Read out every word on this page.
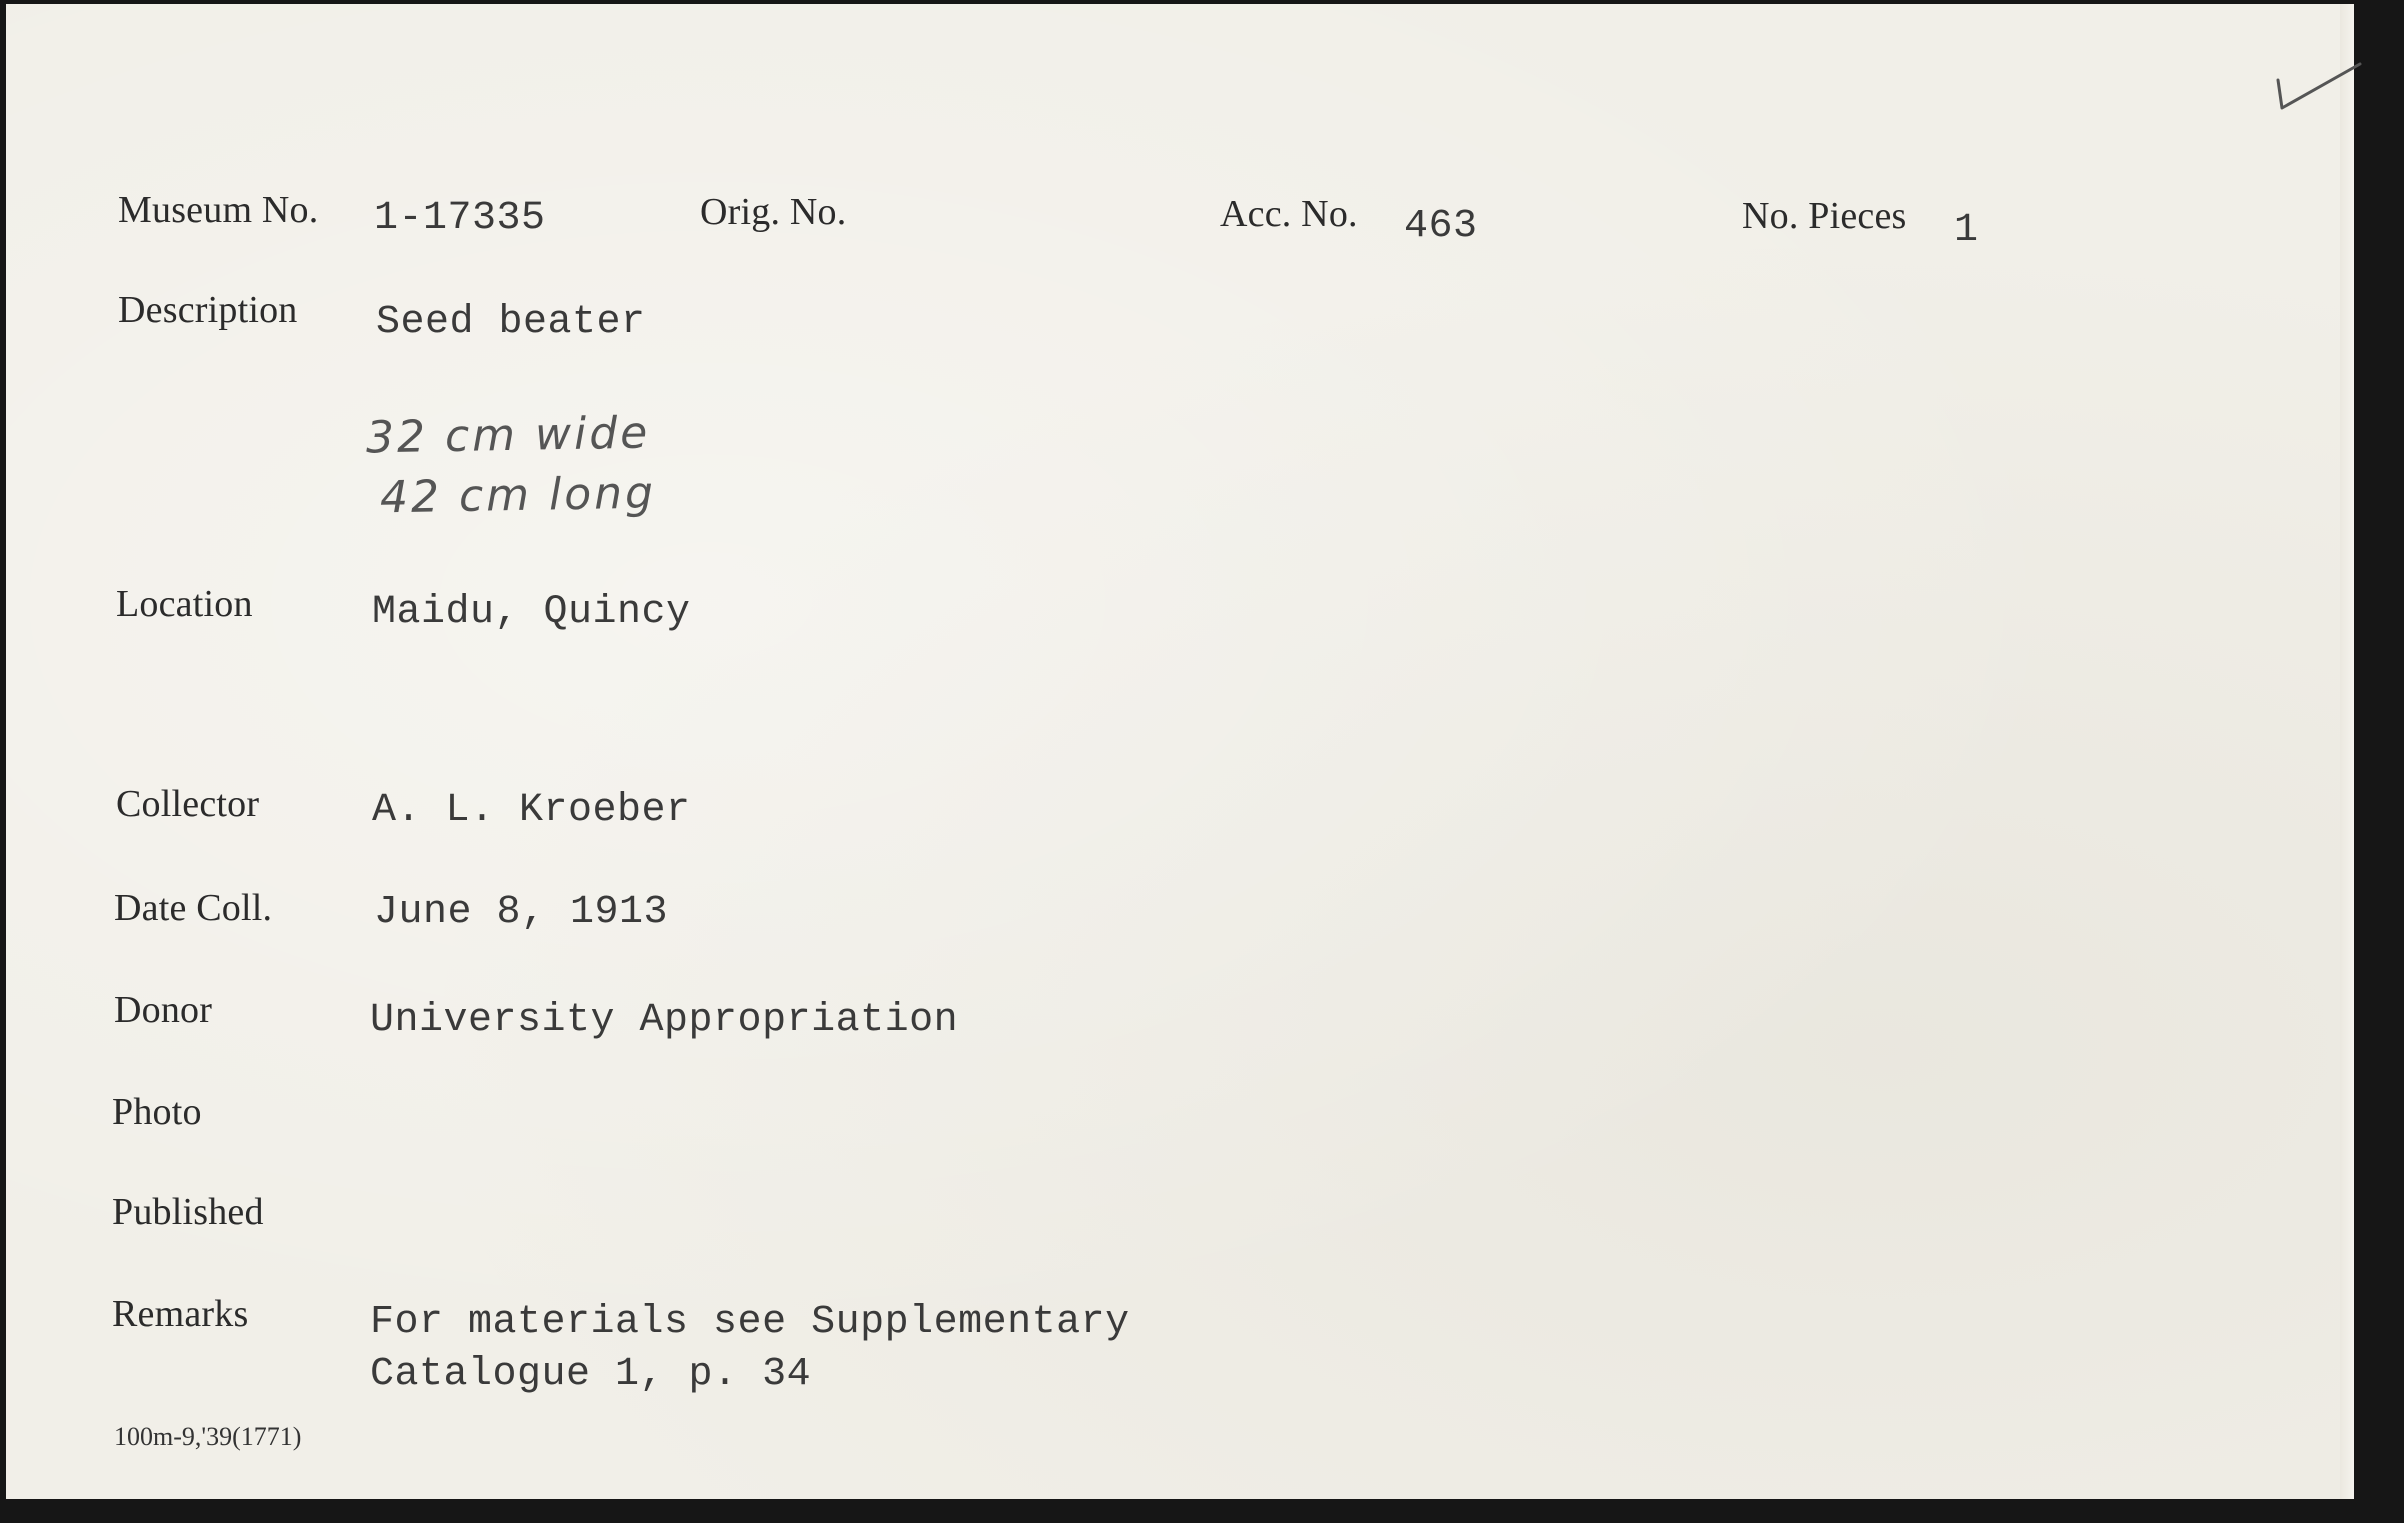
Museum No. 1-17335	Orig. No.	Acc. No. 463	No. Pieces 1
Description Seed beater
32 cm wide
42 cm long
Location	Maidu, Quincy
Collector	A. L. Kroeber
Date Coll.	June 8, 1913
Donor	University Appropriation
Photo
Published
Remarks	For materials see Supplementary
Catalogue 1, p. 34
100m-9,'39(1771)
